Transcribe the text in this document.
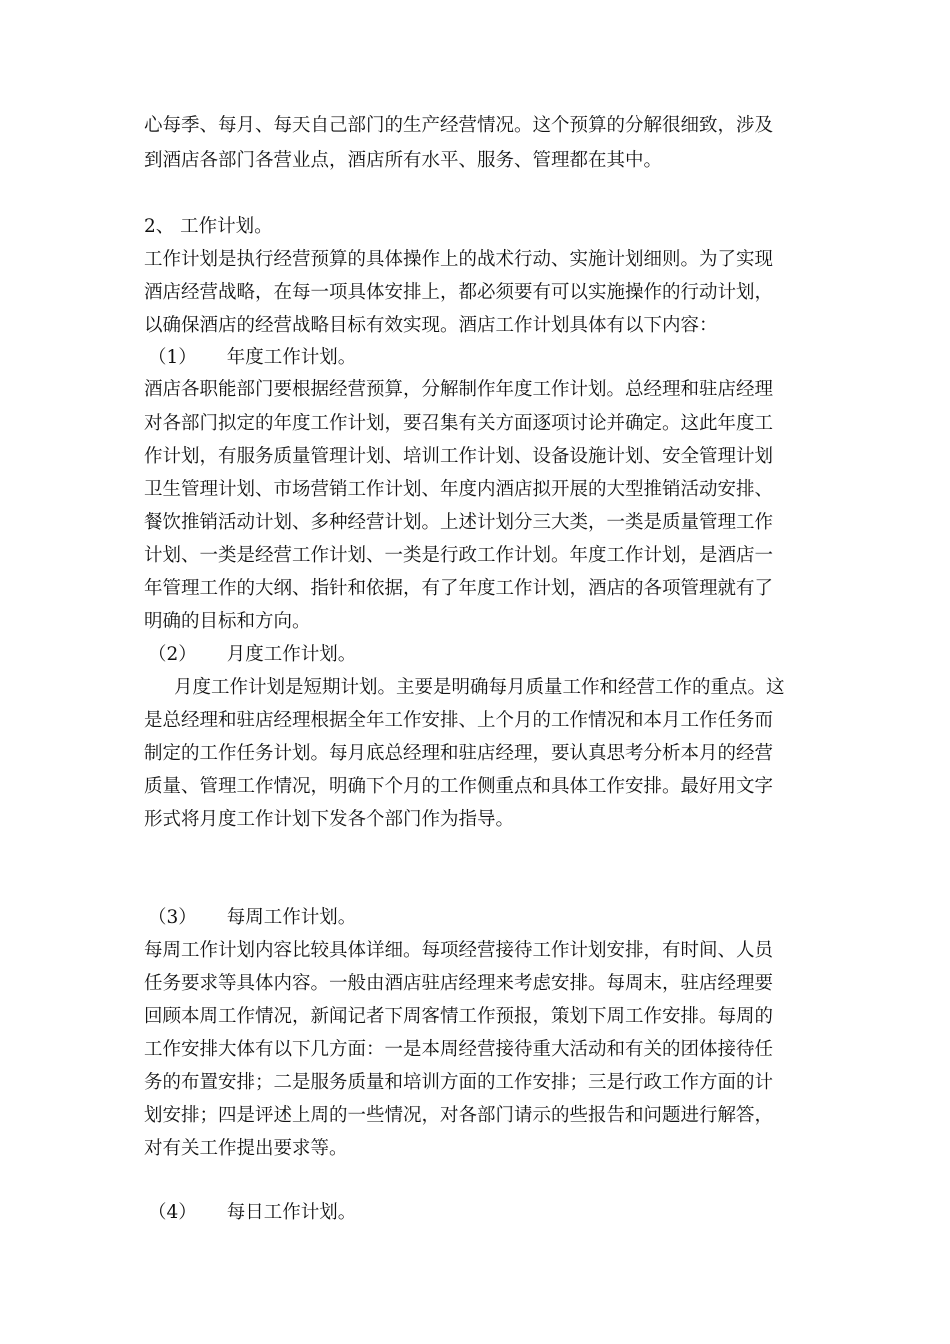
心每季、每月、每天自己部门的生产经营情况。这个预算的分解很细致，涉及
到酒店各部门各营业点，酒店所有水平、服务、管理都在其中。
2、 工作计划。
工作计划是执行经营预算的具体操作上的战术行动、实施计划细则。为了实现
酒店经营战略，在每一项具体安排上，都必须要有可以实施操作的行动计划，
以确保酒店的经营战略目标有效实现。酒店工作计划具体有以下内容：
（1） 年度工作计划。
酒店各职能部门要根据经营预算，分解制作年度工作计划。总经理和驻店经理
对各部门拟定的年度工作计划，要召集有关方面逐项讨论并确定。这此年度工
作计划，有服务质量管理计划、培训工作计划、设备设施计划、安全管理计划
卫生管理计划、市场营销工作计划、年度内酒店拟开展的大型推销活动安排、
餐饮推销活动计划、多种经营计划。上述计划分三大类，一类是质量管理工作
计划、一类是经营工作计划、一类是行政工作计划。年度工作计划，是酒店一
年管理工作的大纲、指针和依据，有了年度工作计划，酒店的各项管理就有了
明确的目标和方向。
（2） 月度工作计划。
月度工作计划是短期计划。主要是明确每月质量工作和经营工作的重点。这
是总经理和驻店经理根据全年工作安排、上个月的工作情况和本月工作任务而
制定的工作任务计划。每月底总经理和驻店经理，要认真思考分析本月的经营
质量、管理工作情况，明确下个月的工作侧重点和具体工作安排。最好用文字
形式将月度工作计划下发各个部门作为指导。
（3） 每周工作计划。
每周工作计划内容比较具体详细。每项经营接待工作计划安排，有时间、人员
任务要求等具体内容。一般由酒店驻店经理来考虑安排。每周末，驻店经理要
回顾本周工作情况，新闻记者下周客情工作预报，策划下周工作安排。每周的
工作安排大体有以下几方面：一是本周经营接待重大活动和有关的团体接待任
务的布置安排；二是服务质量和培训方面的工作安排；三是行政工作方面的计
划安排；四是评述上周的一些情况，对各部门请示的些报告和问题进行解答，
对有关工作提出要求等。
（4） 每日工作计划。
